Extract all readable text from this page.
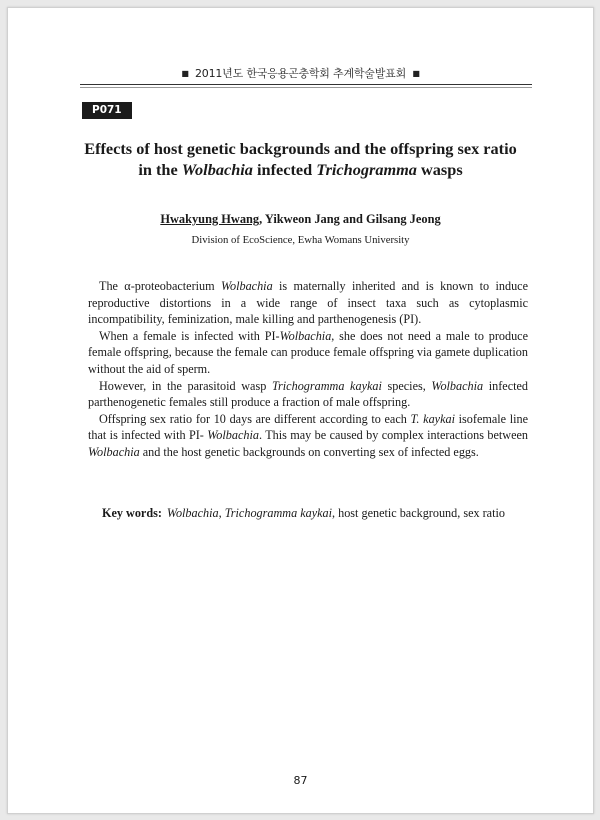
■ 2011년도 한국응용곤충학회 추계학술발표회 ■
P071
Effects of host genetic backgrounds and the offspring sex ratio
in the Wolbachia infected Trichogramma wasps
Hwakyung Hwang, Yikweon Jang and Gilsang Jeong
Division of EcoScience, Ewha Womans University

The α-proteobacterium Wolbachia is maternally inherited and is known to induce reproductive distortions in a wide range of insect taxa such as cytoplasmic incompatibility, feminization, male killing and parthenogenesis (PI).

When a female is infected with PI-Wolbachia, she does not need a male to produce female offspring, because the female can produce female offspring via gamete duplication without the aid of sperm.

However, in the parasitoid wasp Trichogramma kaykai species, Wolbachia infected parthenogenetic females still produce a fraction of male offspring.

Offspring sex ratio for 10 days are different according to each T. kaykai isofemale line that is infected with PI- Wolbachia. This may be caused by complex interactions between Wolbachia and the host genetic backgrounds on converting sex of infected eggs.

Key words: Wolbachia, Trichogramma kaykai, host genetic background, sex ratio
87
